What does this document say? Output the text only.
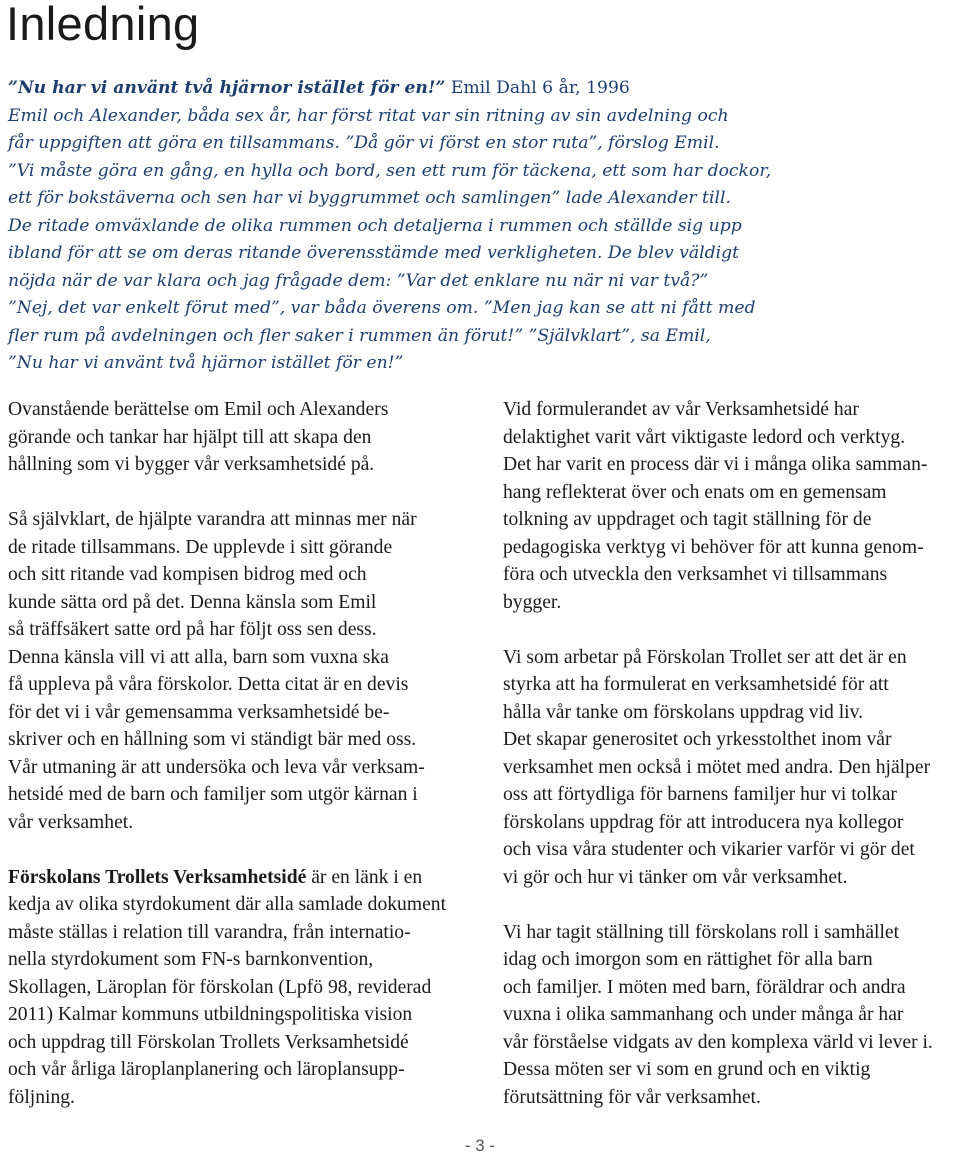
Inledning
”Nu har vi använt två hjärnor istället för en!” Emil Dahl 6 år, 1996
Emil och Alexander, båda sex år, har först ritat var sin ritning av sin avdelning och
får uppgiften att göra en tillsammans. ”Då gör vi först en stor ruta”, förslog Emil.
”Vi måste göra en gång, en hylla och bord, sen ett rum för täckena, ett som har dockor,
ett för bokstäverna och sen har vi byggrummet och samlingen” lade Alexander till.
De ritade omväxlande de olika rummen och detaljerna i rummen och ställde sig upp
ibland för att se om deras ritande överensstämde med verkligheten. De blev väldigt
nöjda när de var klara och jag frågade dem: ”Var det enklare nu när ni var två?”
”Nej, det var enkelt förut med”, var båda överens om. ”Men jag kan se att ni fått med
fler rum på avdelningen och fler saker i rummen än förut!” ”Självklart”, sa Emil,
”Nu har vi använt två hjärnor istället för en!”

Ovanstående berättelse om Emil och Alexanders
görande och tankar har hjälpt till att skapa den
hållning som vi bygger vår verksamhetsidé på.

Så självklart, de hjälpte varandra att minnas mer när
de ritade tillsammans. De upplevde i sitt görande
och sitt ritande vad kompisen bidrog med och
kunde sätta ord på det. Denna känsla som Emil
så träffsäkert satte ord på har följt oss sen dess.
Denna känsla vill vi att alla, barn som vuxna ska
få uppleva på våra förskolor. Detta citat är en devis
för det vi i vår gemensamma verksamhetsidé be-
skriver och en hållning som vi ständigt bär med oss.
Vår utmaning är att undersöka och leva vår verksam-
hetsidé med de barn och familjer som utgör kärnan i
vår verksamhet.

Förskolans Trollets Verksamhetsidé är en länk i en
kedja av olika styrdokument där alla samlade dokument
måste ställas i relation till varandra, från internatio-
nella styrdokument som FN-s barnkonvention,
Skollagen, Läroplan för förskolan (Lpfö 98, reviderad
2011) Kalmar kommuns utbildningspolitiska vision
och uppdrag till Förskolan Trollets Verksamhetsidé
och vår årliga läroplanplanering och läroplansupp-
följning.

Vid formulerandet av vår Verksamhetsidé har
delaktighet varit vårt viktigaste ledord och verktyg.
Det har varit en process där vi i många olika samman-
hang reflekterat över och enats om en gemensam
tolkning av uppdraget och tagit ställning för de
pedagogiska verktyg vi behöver för att kunna genom-
föra och utveckla den verksamhet vi tillsammans
bygger.

Vi som arbetar på Förskolan Trollet ser att det är en
styrka att ha formulerat en verksamhetsidé för att
hålla vår tanke om förskolans uppdrag vid liv.
Det skapar generositet och yrkesstolthet inom vår
verksamhet men också i mötet med andra. Den hjälper
oss att förtydliga för barnens familjer hur vi tolkar
förskolans uppdrag för att introducera nya kollegor
och visa våra studenter och vikarier varför vi gör det
vi gör och hur vi tänker om vår verksamhet.

Vi har tagit ställning till förskolans roll i samhället
idag och imorgon som en rättighet för alla barn
och familjer. I möten med barn, föräldrar och andra
vuxna i olika sammanhang och under många år har
vår förståelse vidgats av den komplexa värld vi lever i.
Dessa möten ser vi som en grund och en viktig
förutsättning för vår verksamhet.

- 3 -
